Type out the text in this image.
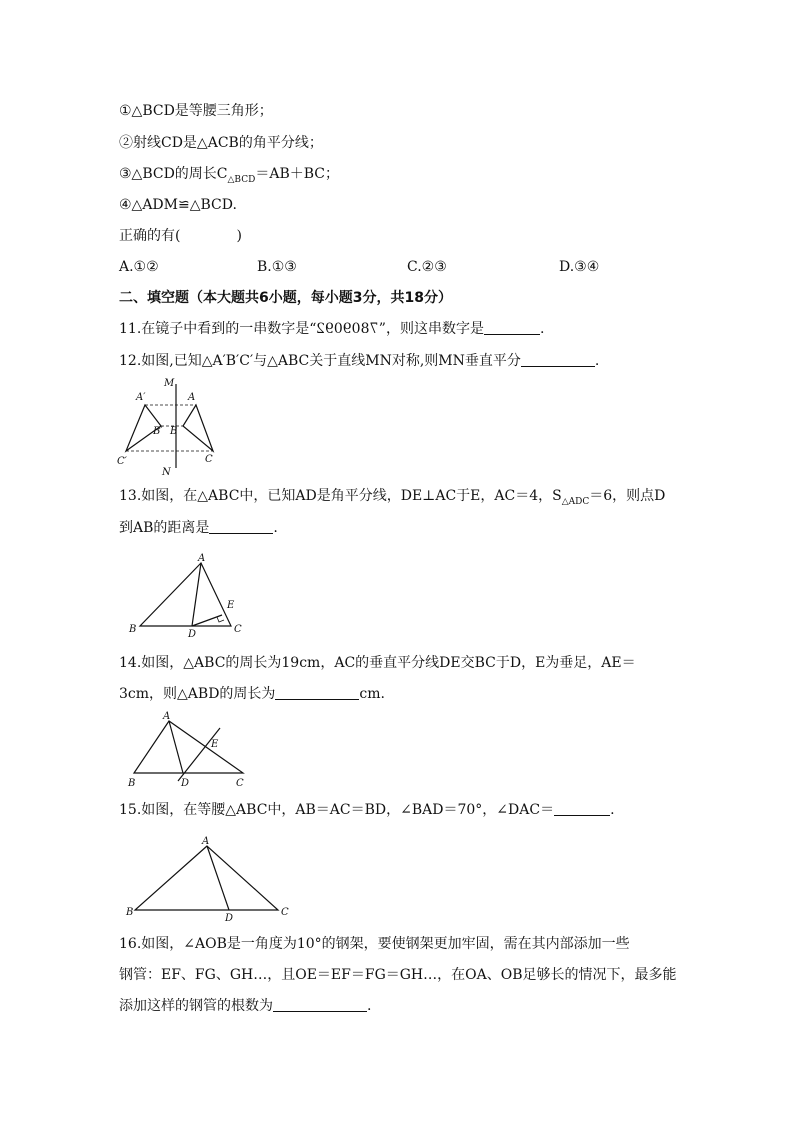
①△BCD是等腰三角形；
②射线CD是△ACB的角平分线；
③△BCD的周长$C_{\triangle BCD}=AB+BC$；
④△ADM≌△BCD.
正确的有(　　　　)
A.①②	B.①③	C.②③	D.③④
二、填空题（本大题共6小题，每小题3分，共18分）
11.在镜子中看到的一串数字是“7809092”，则这串数字是	.
12.如图,已知△A′B′C′与△ABC关于直线MN对称,则MN垂直平分	.
M
N
A′
B′
C′
A
B
C
13.如图，在△ABC中，已知AD是角平分线，DE⊥AC于E，AC＝4，$S_{\triangle ADC}=6$，则点D
到AB的距离是	.
A
B	C
D
E
14.如图，△ABC的周长为19cm，AC的垂直平分线DE交BC于D，E为垂足，AE＝
3cm，则△ABD的周长为	cm.
A
B	C
D
E
15.如图，在等腰△ABC中，AB＝AC＝BD，∠BAD＝70°，∠DAC＝	.
A
B	C
D
16.如图，∠AOB是一角度为10°的钢架，要使钢架更加牢固，需在其内部添加一些
钢管：EF、FG、GH…，且OE＝EF＝FG＝GH…，在OA、OB足够长的情况下，最多能
添加这样的钢管的根数为	.
